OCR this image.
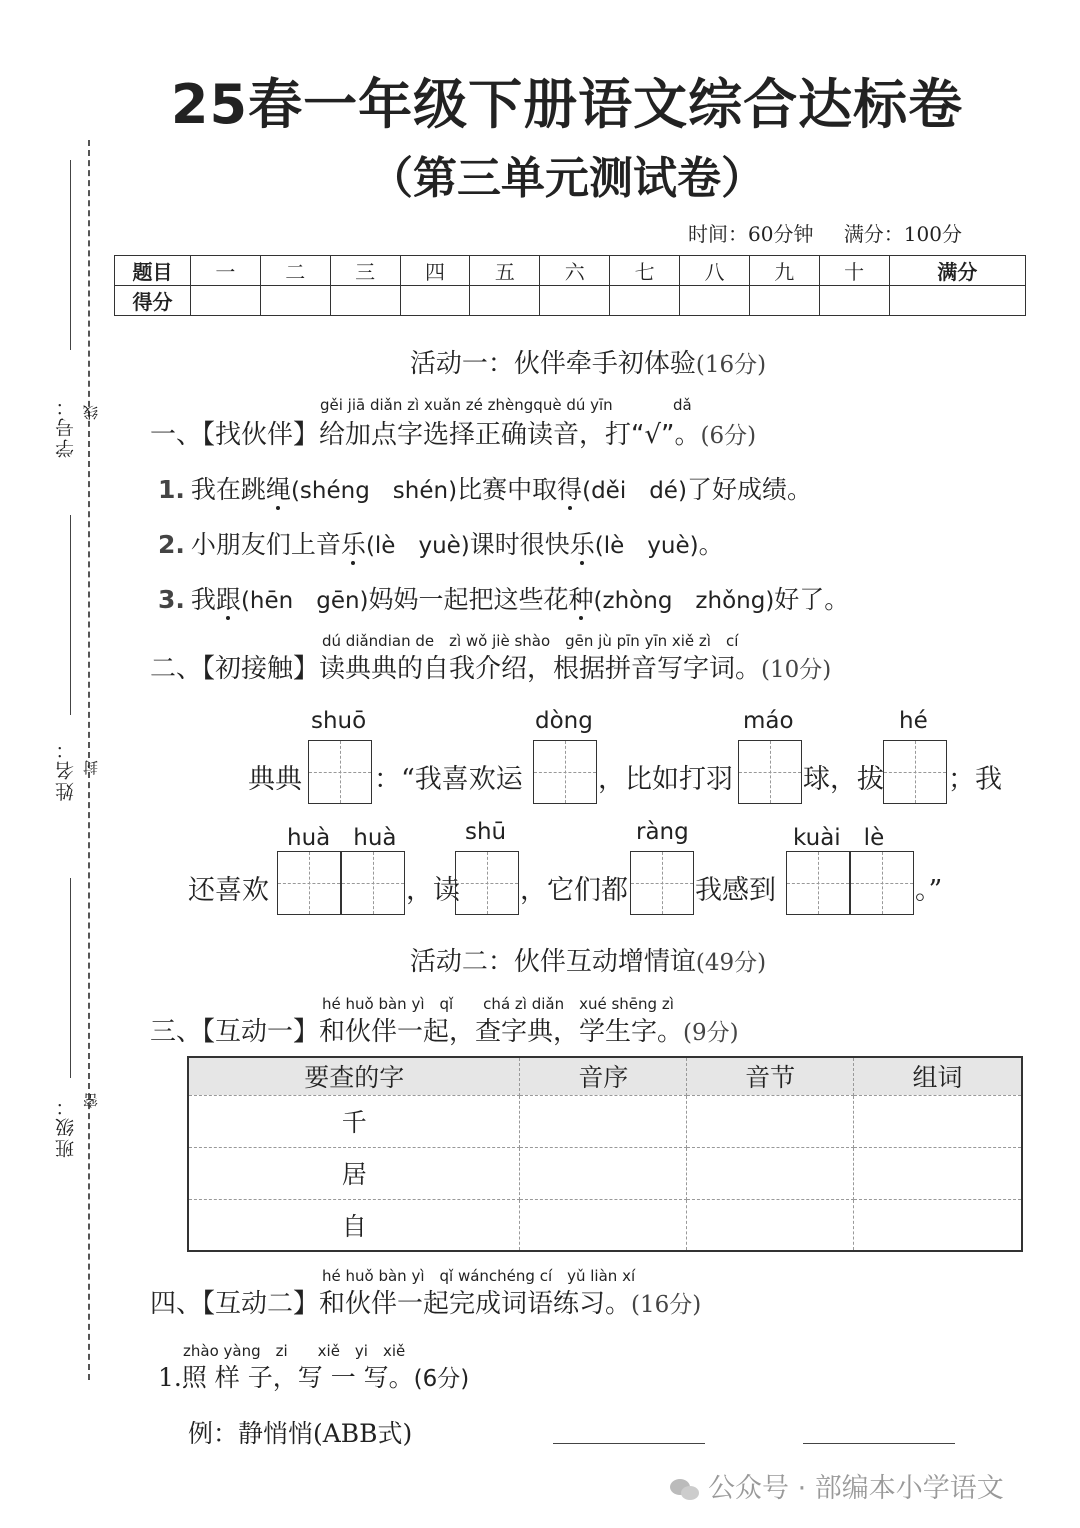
学号： 线
姓名： 封
班级： 密
25春一年级下册语文综合达标卷
（第三单元测试卷）
时间：60分钟 满分：100分
题目	一	二	三	四	五	六	七	八	九	十	满分
得分											
活动一：伙伴牵手初体验(16分)
gěi jiā diǎn zì xuǎn zé zhèngquè dú yīn	dǎ
一、【找伙伴】给加点字选择正确读音，打“√”。(6分)
1. 我在跳绳(shéng　shén)比赛中取得(děi　dé)了好成绩。
2. 小朋友们上音乐(lè　yuè)课时很快乐(lè　yuè)。
3. 我跟(hēn　gēn)妈妈一起把这些花种(zhòng　zhǒng)好了。
dú diǎndian de　zì wǒ jiè shào　gēn jù pīn yīn xiě zì　cí
二、【初接触】读典典的自我介绍，根据拼音写字词。(10分)
shuō	dòng	máo	hé
典典	：“我喜欢运	，比如打羽	球，拔 ；我
huà　huà	shū	ràng	kuài　lè
还喜欢	，读 ，它们都 我感到	。”
活动二：伙伴互动增情谊(49分)
hé huǒ bàn yì　qǐ　　chá zì diǎn　xué shēng zì
三、【互动一】和伙伴一起，查字典，学生字。(9分)
要查的字	音序	音节	组词
千			
居			
自			
hé huǒ bàn yì　qǐ wánchéng cí　yǔ liàn xí
四、【互动二】和伙伴一起完成词语练习。(16分)
zhào yàng　zi　　xiě　yi　xiě
1.照 样 子，写 一 写。(6分)
例：静悄悄(ABB式)
公众号 · 部编本小学语文
